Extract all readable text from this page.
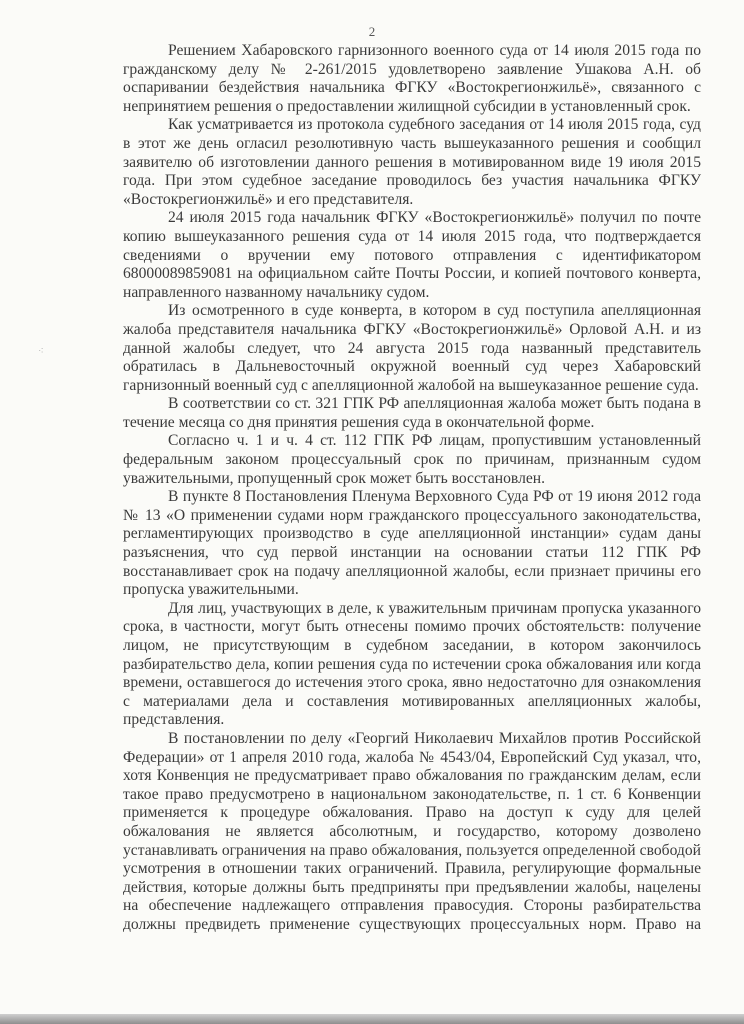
2
⁖

Решением Хабаровского гарнизонного военного суда от 14 июля 2015 года по гражданскому делу № 2-261/2015 удовлетворено заявление Ушакова А.Н. об оспаривании бездействия начальника ФГКУ «Востокрегионжильё», связанного с непринятием решения о предоставлении жилищной субсидии в установленный срок.

Как усматривается из протокола судебного заседания от 14 июля 2015 года, суд в этот же день огласил резолютивную часть вышеуказанного решения и сообщил заявителю об изготовлении данного решения в мотивированном виде 19 июля 2015 года. При этом судебное заседание проводилось без участия начальника ФГКУ «Востокрегионжильё» и его представителя.

24 июля 2015 года начальник ФГКУ «Востокрегионжильё» получил по почте копию вышеуказанного решения суда от 14 июля 2015 года, что подтверждается сведениями о вручении ему потового отправления с идентификатором 68000089859081 на официальном сайте Почты России, и копией почтового конверта, направленного названному начальнику судом.

Из осмотренного в суде конверта, в котором в суд поступила апелляционная жалоба представителя начальника ФГКУ «Востокрегионжильё» Орловой А.Н. и из данной жалобы следует, что 24 августа 2015 года названный представитель обратилась в Дальневосточный окружной военный суд через Хабаровский гарнизонный военный суд с апелляционной жалобой на вышеуказанное решение суда.

В соответствии со ст. 321 ГПК РФ апелляционная жалоба может быть подана в течение месяца со дня принятия решения суда в окончательной форме.

Согласно ч. 1 и ч. 4 ст. 112 ГПК РФ лицам, пропустившим установленный федеральным законом процессуальный срок по причинам, признанным судом уважительными, пропущенный срок может быть восстановлен.

В пункте 8 Постановления Пленума Верховного Суда РФ от 19 июня 2012 года № 13 «О применении судами норм гражданского процессуального законодательства, регламентирующих производство в суде апелляционной инстанции» судам даны разъяснения, что суд первой инстанции на основании статьи 112 ГПК РФ восстанавливает срок на подачу апелляционной жалобы, если признает причины его пропуска уважительными.

Для лиц, участвующих в деле, к уважительным причинам пропуска указанного срока, в частности, могут быть отнесены помимо прочих обстоятельств: получение лицом, не присутствующим в судебном заседании, в котором закончилось разбирательство дела, копии решения суда по истечении срока обжалования или когда времени, оставшегося до истечения этого срока, явно недостаточно для ознакомления с материалами дела и составления мотивированных апелляционных жалобы, представления.

В постановлении по делу «Георгий Николаевич Михайлов против Российской Федерации» от 1 апреля 2010 года, жалоба № 4543/04, Европейский Суд указал, что, хотя Конвенция не предусматривает право обжалования по гражданским делам, если такое право предусмотрено в национальном законодательстве, п. 1 ст. 6 Конвенции применяется к процедуре обжалования. Право на доступ к суду для целей обжалования не является абсолютным, и государство, которому дозволено устанавливать ограничения на право обжалования, пользуется определенной свободой усмотрения в отношении таких ограничений. Правила, регулирующие формальные действия, которые должны быть предприняты при предъявлении жалобы, нацелены на обеспечение надлежащего отправления правосудия. Стороны разбирательства должны предвидеть применение существующих процессуальных норм. Право на
